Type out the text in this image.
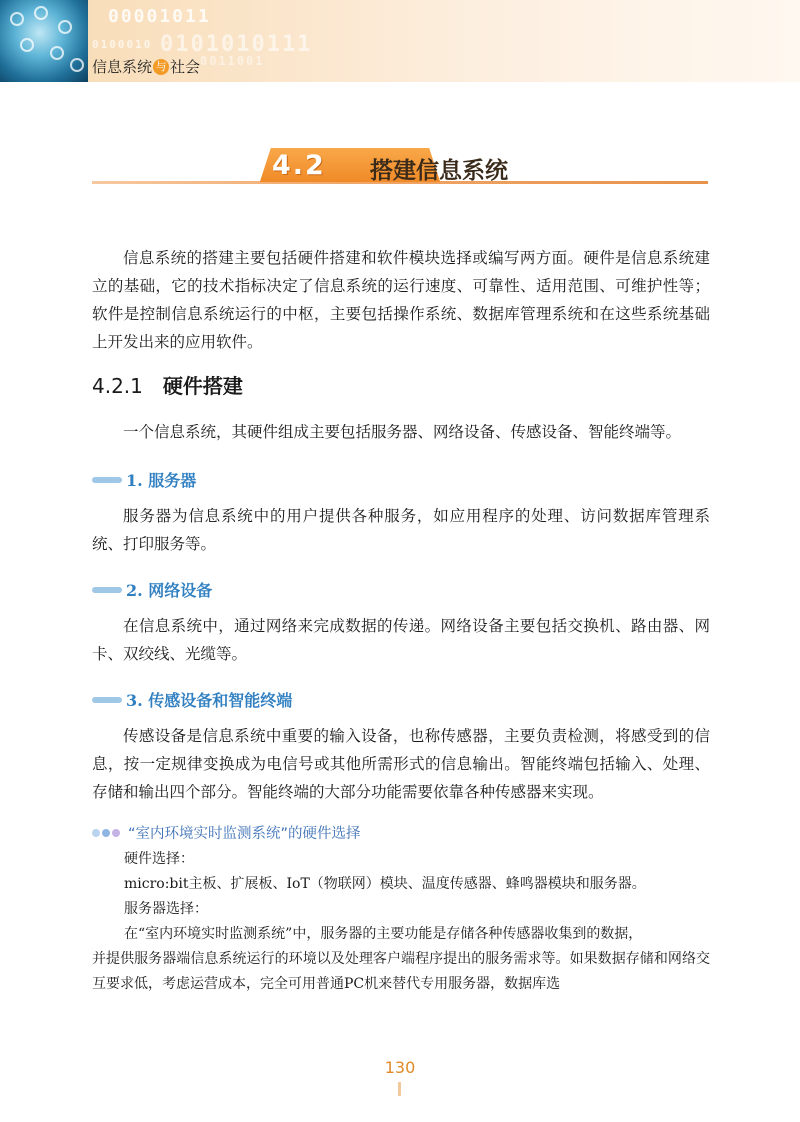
00001011
0100010 0101010111
0011001
信息系统 与 社会
4.2 搭建信息系统

信息系统的搭建主要包括硬件搭建和软件模块选择或编写两方面。硬件是信息系统建立的基础，它的技术指标决定了信息系统的运行速度、可靠性、适用范围、可维护性等；软件是控制信息系统运行的中枢，主要包括操作系统、数据库管理系统和在这些系统基础上开发出来的应用软件。

4.2.1 硬件搭建

一个信息系统，其硬件组成主要包括服务器、网络设备、传感设备、智能终端等。

1. 服务器

服务器为信息系统中的用户提供各种服务，如应用程序的处理、访问数据库管理系统、打印服务等。

2. 网络设备

在信息系统中，通过网络来完成数据的传递。网络设备主要包括交换机、路由器、网卡、双绞线、光缆等。

3. 传感设备和智能终端

传感设备是信息系统中重要的输入设备，也称传感器，主要负责检测，将感受到的信息，按一定规律变换成为电信号或其他所需形式的信息输出。智能终端包括输入、处理、存储和输出四个部分。智能终端的大部分功能需要依靠各种传感器来实现。

“室内环境实时监测系统”的硬件选择

硬件选择：

micro:bit主板、扩展板、IoT（物联网）模块、温度传感器、蜂鸣器模块和服务器。

服务器选择：

在“室内环境实时监测系统”中，服务器的主要功能是存储各种传感器收集到的数据，

并提供服务器端信息系统运行的环境以及处理客户端程序提出的服务需求等。如果数据存储和网络交互要求低，考虑运营成本，完全可用普通PC机来替代专用服务器，数据库选

130
